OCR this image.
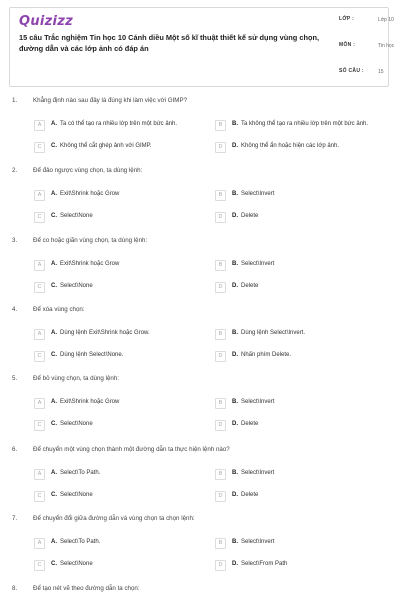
Quizizz
15 câu Trắc nghiệm Tin học 10 Cánh diều Một số kĩ thuật thiết kế sử dụng vùng chọn, đường dẫn và các lớp ảnh có đáp án
LỚP :	Lớp 10
MÔN :	Tin học
SỐ CÂU :	15
1.	Khẳng định nào sau đây là đúng khi làm việc với GIMP?
A	A. Ta có thể tạo ra nhiều lớp trên một bức ảnh.	B	B. Ta không thể tạo ra nhiều lớp trên một bức ảnh.
C	C. Không thể cắt ghép ảnh với GIMP.	D	D. Không thể ẩn hoặc hiện các lớp ảnh.
2.	Để đảo ngược vùng chọn, ta dùng lệnh:
A	A. Exit\Shrink hoặc Grow	B	B. Select\Invert
C	C. Select\None	D	D. Delete
3.	Để co hoặc giãn vùng chọn, ta dùng lệnh:
A	A. Exit\Shrink hoặc Grow	B	B. Select\Invert
C	C. Select\None	D	D. Delete
4.	Để xóa vùng chọn:
A	A. Dùng lệnh Exit\Shrink hoặc Grow.	B	B. Dùng lệnh Select\Invert.
C	C. Dùng lệnh Select\None.	D	D. Nhấn phím Delete.
5.	Để bỏ vùng chọn, ta dùng lệnh:
A	A. Exit\Shrink hoặc Grow	B	B. Select\Invert
C	C. Select\None	D	D. Delete
6.	Để chuyển một vùng chọn thành một đường dẫn ta thực hiện lệnh nào?
A	A. Select\To Path.	B	B. Select\Invert
C	C. Select\None	D	D. Delete
7.	Để chuyển đổi giữa đường dẫn và vùng chọn ta chọn lệnh:
A	A. Select\To Path.	B	B. Select\Invert
C	C. Select\None	D	D. Select\From Path
8.	Để tạo nét vẽ theo đường dẫn ta chọn:
